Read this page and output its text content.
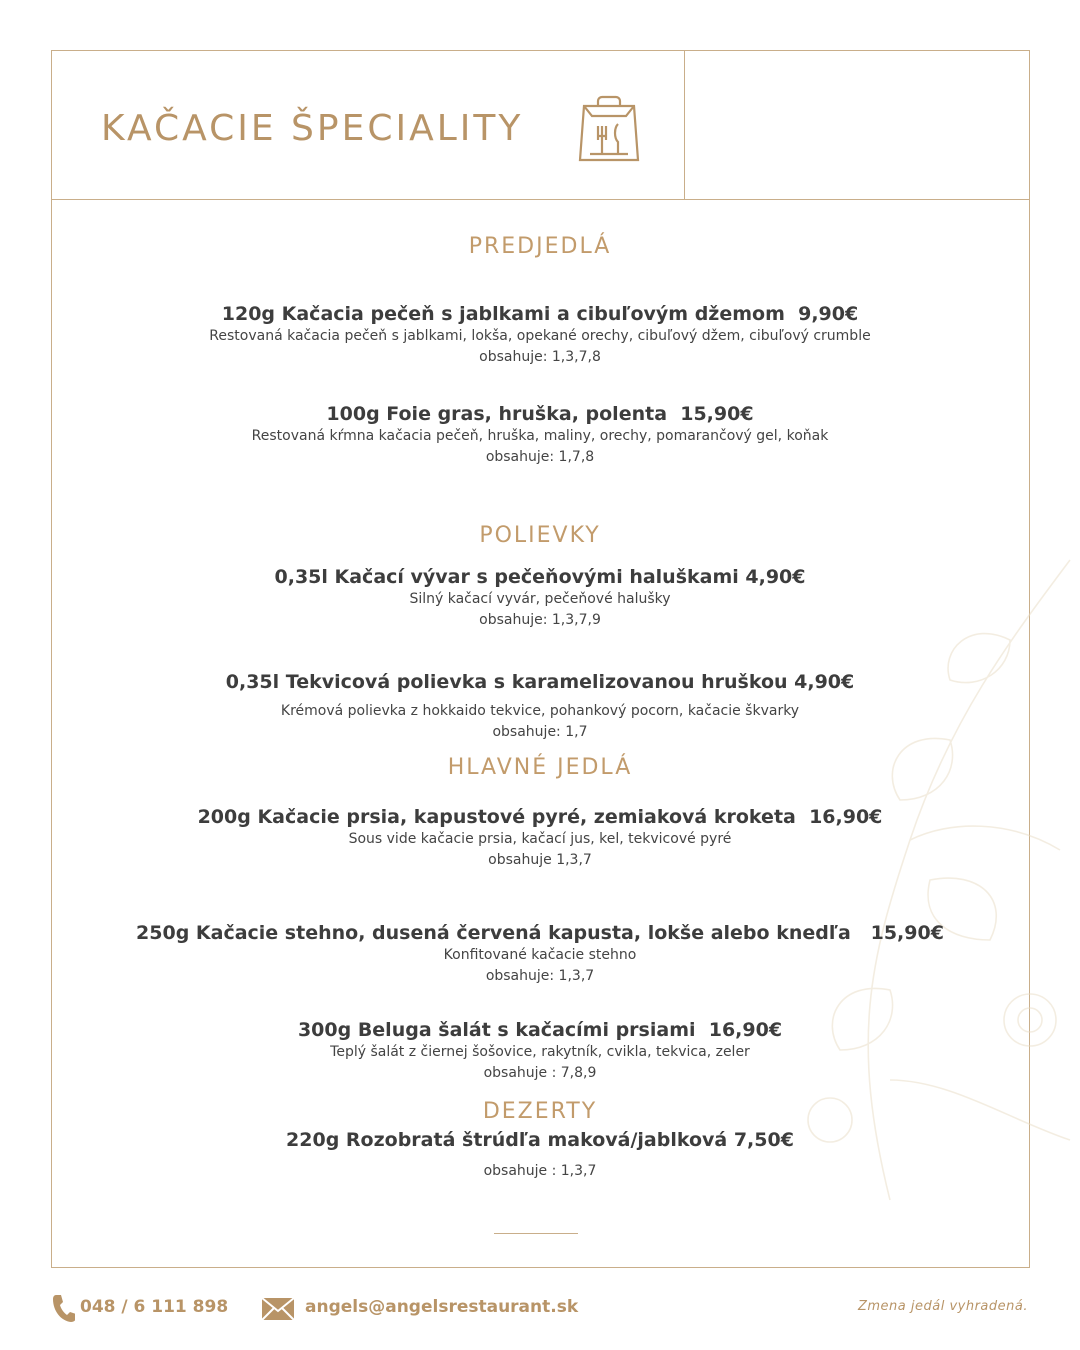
KAČACIE ŠPECIALITY
PREDJEDLÁ
120g Kačacia pečeň s jablkami a cibuľovým džemom  9,90€
Restovaná kačacia pečeň s jablkami, lokša, opekané orechy, cibuľový džem, cibuľový crumble
obsahuje: 1,3,7,8
100g Foie gras, hruška, polenta  15,90€
Restovaná kŕmna kačacia pečeň, hruška, maliny, orechy, pomarančový gel, koňak
obsahuje: 1,7,8
POLIEVKY
0,35l Kačací vývar s pečeňovými haluškami 4,90€
Silný kačací vyvár, pečeňové halušky
obsahuje: 1,3,7,9
0,35l Tekvicová polievka s karamelizovanou hruškou 4,90€
Krémová polievka z hokkaido tekvice, pohankový pocorn, kačacie škvarky
obsahuje: 1,7
HLAVNÉ JEDLÁ
200g Kačacie prsia, kapustové pyré, zemiaková kroketa  16,90€
Sous vide kačacie prsia, kačací jus, kel, tekvicové pyré
obsahuje 1,3,7
250g Kačacie stehno, dusená červená kapusta, lokše alebo knedľa   15,90€
Konfitované kačacie stehno
obsahuje: 1,3,7
300g Beluga šalát s kačacími prsiami  16,90€
Teplý šalát z čiernej šošovice, rakytník, cvikla, tekvica, zeler
obsahuje : 7,8,9
DEZERTY
220g Rozobratá štrúdľa maková/jablková 7,50€
obsahuje : 1,3,7
048 / 6 111 898	angels@angelsrestaurant.sk	Zmena jedál vyhradená.
